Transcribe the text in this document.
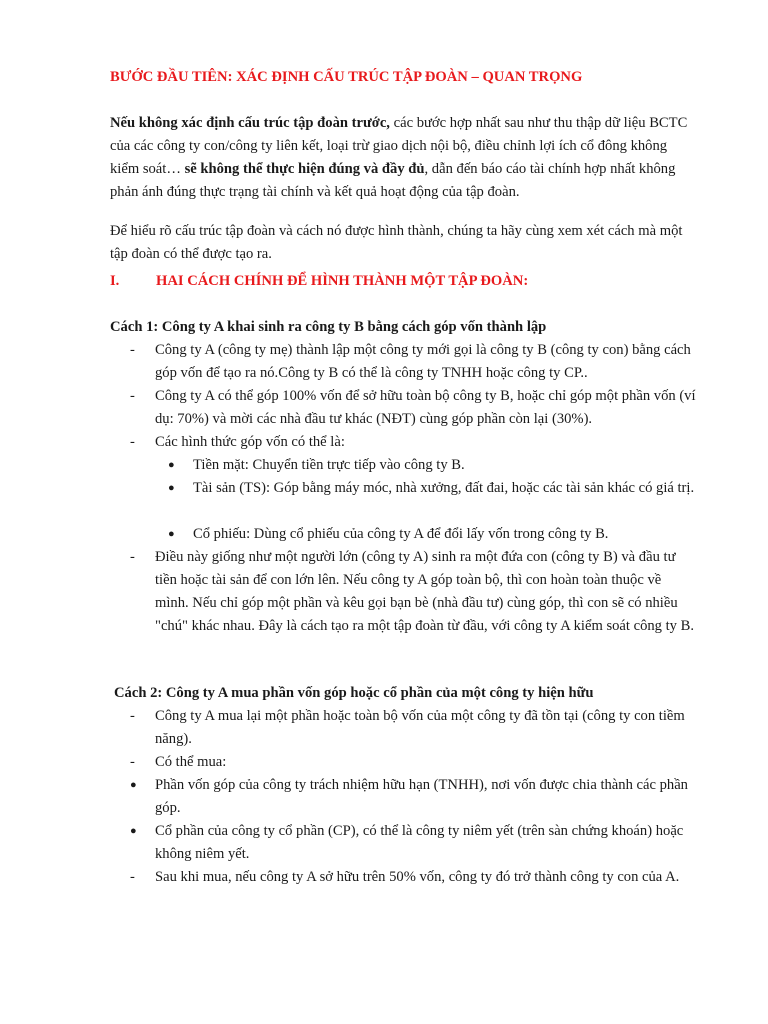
BƯỚC ĐẦU TIÊN: XÁC ĐỊNH CẤU TRÚC TẬP ĐOÀN – QUAN TRỌNG

Nếu không xác định cấu trúc tập đoàn trước, các bước hợp nhất sau như thu thập dữ liệu BCTC của các công ty con/công ty liên kết, loại trừ giao dịch nội bộ, điều chỉnh lợi ích cổ đông không kiểm soát… sẽ không thể thực hiện đúng và đầy đủ, dẫn đến báo cáo tài chính hợp nhất không phản ánh đúng thực trạng tài chính và kết quả hoạt động của tập đoàn.

Để hiểu rõ cấu trúc tập đoàn và cách nó được hình thành, chúng ta hãy cùng xem xét cách mà một tập đoàn có thể được tạo ra.

I.	HAI CÁCH CHÍNH ĐỂ HÌNH THÀNH MỘT TẬP ĐOÀN:

Cách 1: Công ty A khai sinh ra công ty B bằng cách góp vốn thành lập

-	Công ty A (công ty mẹ) thành lập một công ty mới gọi là công ty B (công ty con) bằng cách góp vốn để tạo ra nó.Công ty B có thể là công ty TNHH hoặc công ty CP..
-	Công ty A có thể góp 100% vốn để sở hữu toàn bộ công ty B, hoặc chỉ góp một phần vốn (ví dụ: 70%) và mời các nhà đầu tư khác (NĐT) cùng góp phần còn lại (30%).
-	Các hình thức góp vốn có thể là:
● Tiền mặt: Chuyển tiền trực tiếp vào công ty B.
● Tài sản (TS): Góp bằng máy móc, nhà xưởng, đất đai, hoặc các tài sản khác có giá trị.
● Cổ phiếu: Dùng cổ phiếu của công ty A để đổi lấy vốn trong công ty B.
-	Điều này giống như một người lớn (công ty A) sinh ra một đứa con (công ty B) và đầu tư tiền hoặc tài sản để con lớn lên. Nếu công ty A góp toàn bộ, thì con hoàn toàn thuộc về mình. Nếu chỉ góp một phần và kêu gọi bạn bè (nhà đầu tư) cùng góp, thì con sẽ có nhiều "chú" khác nhau. Đây là cách tạo ra một tập đoàn từ đầu, với công ty A kiểm soát công ty B.

Cách 2: Công ty A mua phần vốn góp hoặc cổ phần của một công ty hiện hữu

-	Công ty A mua lại một phần hoặc toàn bộ vốn của một công ty đã tồn tại (công ty con tiềm năng).
-	Có thể mua:
● Phần vốn góp của công ty trách nhiệm hữu hạn (TNHH), nơi vốn được chia thành các phần góp.
● Cổ phần của công ty cổ phần (CP), có thể là công ty niêm yết (trên sàn chứng khoán) hoặc không niêm yết.
-	Sau khi mua, nếu công ty A sở hữu trên 50% vốn, công ty đó trở thành công ty con của A.
